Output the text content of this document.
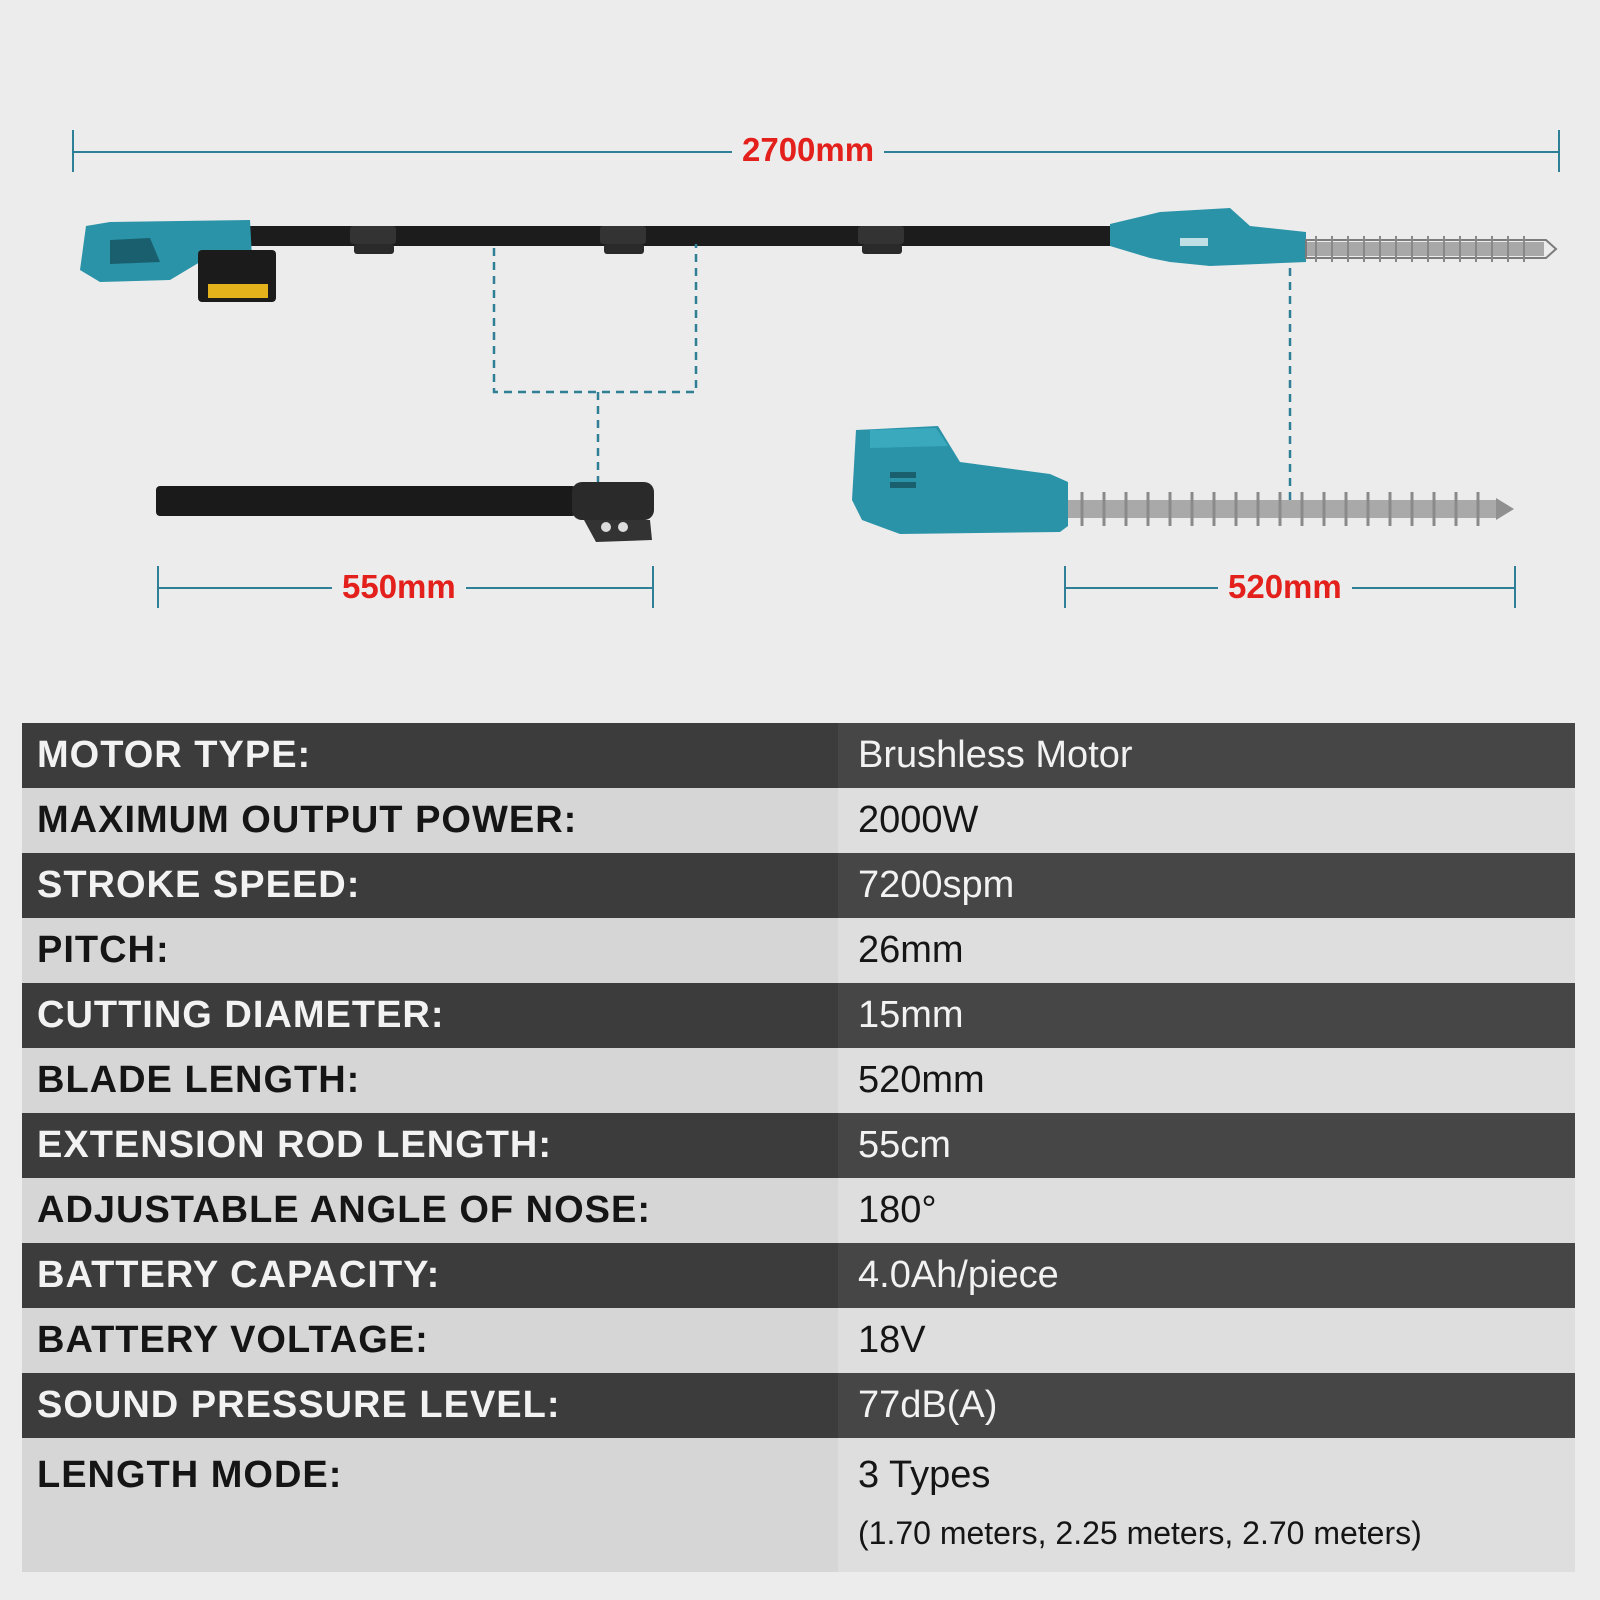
2700mm
550mm	520mm
MOTOR TYPE:	Brushless Motor
MAXIMUM OUTPUT POWER:	2000W
STROKE SPEED:	7200spm
PITCH:	26mm
CUTTING DIAMETER:	15mm
BLADE LENGTH:	520mm
EXTENSION ROD LENGTH:	55cm
ADJUSTABLE ANGLE OF NOSE:	180°
BATTERY CAPACITY:	4.0Ah/piece
BATTERY VOLTAGE:	18V
SOUND PRESSURE LEVEL:	77dB(A)
LENGTH MODE:	3 Types
(1.70 meters, 2.25 meters, 2.70 meters)
